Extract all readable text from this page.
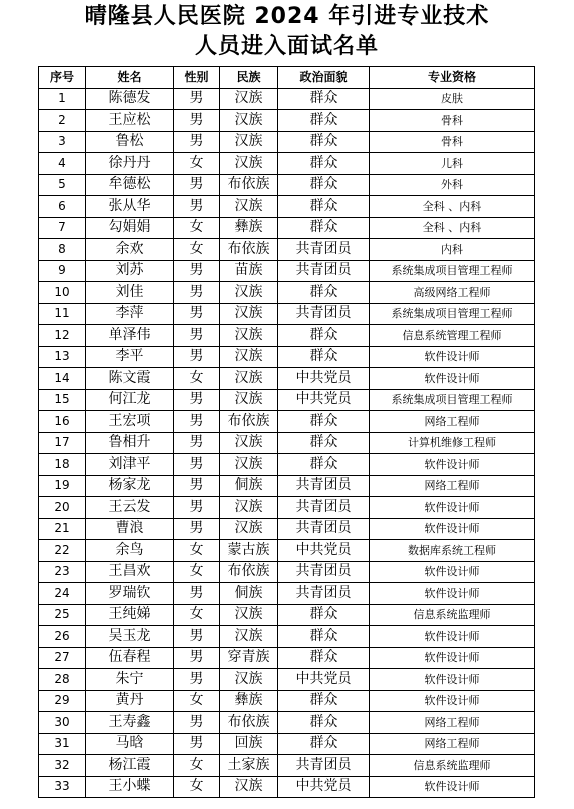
晴隆县人民医院 2024 年引进专业技术
人员进入面试名单
序号	姓名	性别	民族	政治面貌	专业资格
1	陈德发	男	汉族	群众	皮肤
2	王应松	男	汉族	群众	骨科
3	鲁松	男	汉族	群众	骨科
4	徐丹丹	女	汉族	群众	儿科
5	牟德松	男	布依族	群众	外科
6	张从华	男	汉族	群众	全科 、内科
7	勾娟娟	女	彝族	群众	全科 、内科
8	余欢	女	布依族	共青团员	内科
9	刘苏	男	苗族	共青团员	系统集成项目管理工程师
10	刘佳	男	汉族	群众	高级网络工程师
11	李萍	男	汉族	共青团员	系统集成项目管理工程师
12	单泽伟	男	汉族	群众	信息系统管理工程师
13	李平	男	汉族	群众	软件设计师
14	陈文霞	女	汉族	中共党员	软件设计师
15	何江龙	男	汉族	中共党员	系统集成项目管理工程师
16	王宏项	男	布依族	群众	网络工程师
17	鲁相升	男	汉族	群众	计算机维修工程师
18	刘津平	男	汉族	群众	软件设计师
19	杨家龙	男	侗族	共青团员	网络工程师
20	王云发	男	汉族	共青团员	软件设计师
21	曹浪	男	汉族	共青团员	软件设计师
22	余鸟	女	蒙古族	中共党员	数据库系统工程师
23	王昌欢	女	布依族	共青团员	软件设计师
24	罗瑞钦	男	侗族	共青团员	软件设计师
25	王纯娣	女	汉族	群众	信息系统监理师
26	吴玉龙	男	汉族	群众	软件设计师
27	伍春程	男	穿青族	群众	软件设计师
28	朱宁	男	汉族	中共党员	软件设计师
29	黄丹	女	彝族	群众	软件设计师
30	王寿鑫	男	布依族	群众	网络工程师
31	马晗	男	回族	群众	网络工程师
32	杨江霞	女	土家族	共青团员	信息系统监理师
33	王小蝶	女	汉族	中共党员	软件设计师
